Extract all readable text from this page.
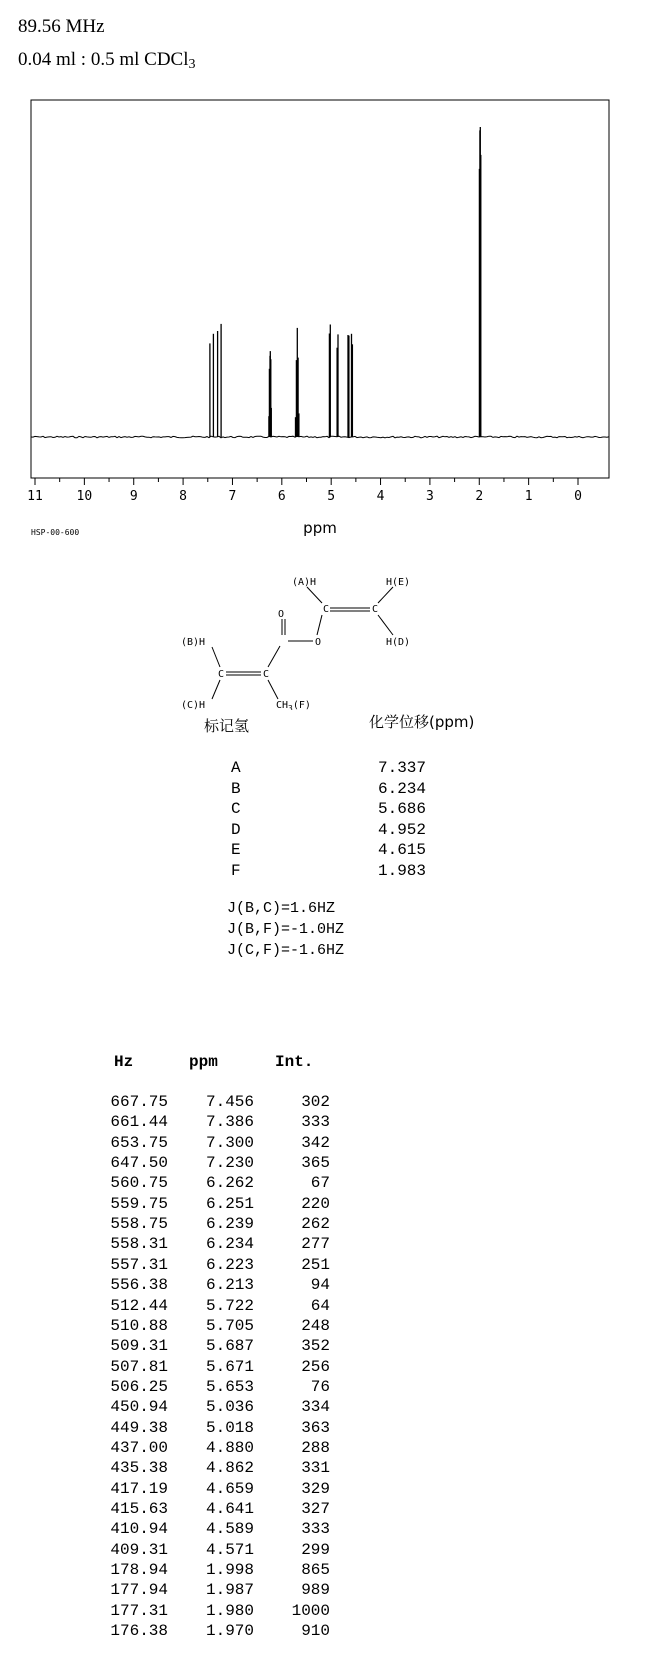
89.56 MHz
0.04 ml : 0.5 ml CDCl$_3$
11	10	9	8	7	6	5	4	3	2	1	0
ppm
HSP-00-600
(A)H	H(E)
O
(B)H
C	C
O	H(D)
C	C
(C)H	$CH_3(F)$
标记氢	化学位移(ppm)
A	7.337
B	6.234
C	5.686
D	4.952
E	4.615
F	1.983
J(B,C)=1.6HZ
J(B,F)=-1.0HZ
J(C,F)=-1.6HZ
Hz	ppm	Int.
667.75 7.456	302
661.44 7.386	333
653.75 7.300	342
647.50 7.230	365
560.75 6.262	67
559.75 6.251	220
558.75 6.239	262
558.31 6.234	277
557.31 6.223	251
556.38 6.213	94
512.44 5.722	64
510.88 5.705	248
509.31 5.687	352
507.81 5.671	256
506.25 5.653	76
450.94 5.036	334
449.38 5.018	363
437.00 4.880	288
435.38 4.862	331
417.19 4.659	329
415.63 4.641	327
410.94 4.589	333
409.31 4.571	299
178.94 1.998	865
177.94 1.987	989
177.31 1.980 1000
176.38 1.970	910
